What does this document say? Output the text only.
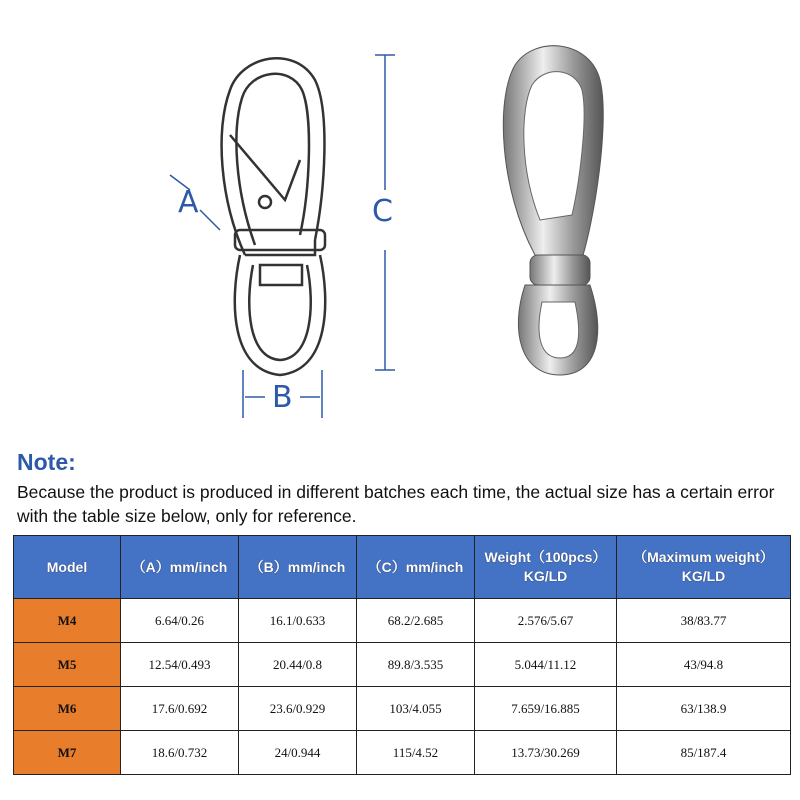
A	C
B
Note:
Because the product is produced in different batches each time, the actual size has a certain error with the table size below, only for reference.
Model	（A）mm/inch	（B）mm/inch	（C）mm/inch	Weight（100pcs）KG/LD	（Maximum weight）KG/LD
M4	6.64/0.26	16.1/0.633	68.2/2.685	2.576/5.67	38/83.77
M5	12.54/0.493	20.44/0.8	89.8/3.535	5.044/11.12	43/94.8
M6	17.6/0.692	23.6/0.929	103/4.055	7.659/16.885	63/138.9
M7	18.6/0.732	24/0.944	115/4.52	13.73/30.269	85/187.4
